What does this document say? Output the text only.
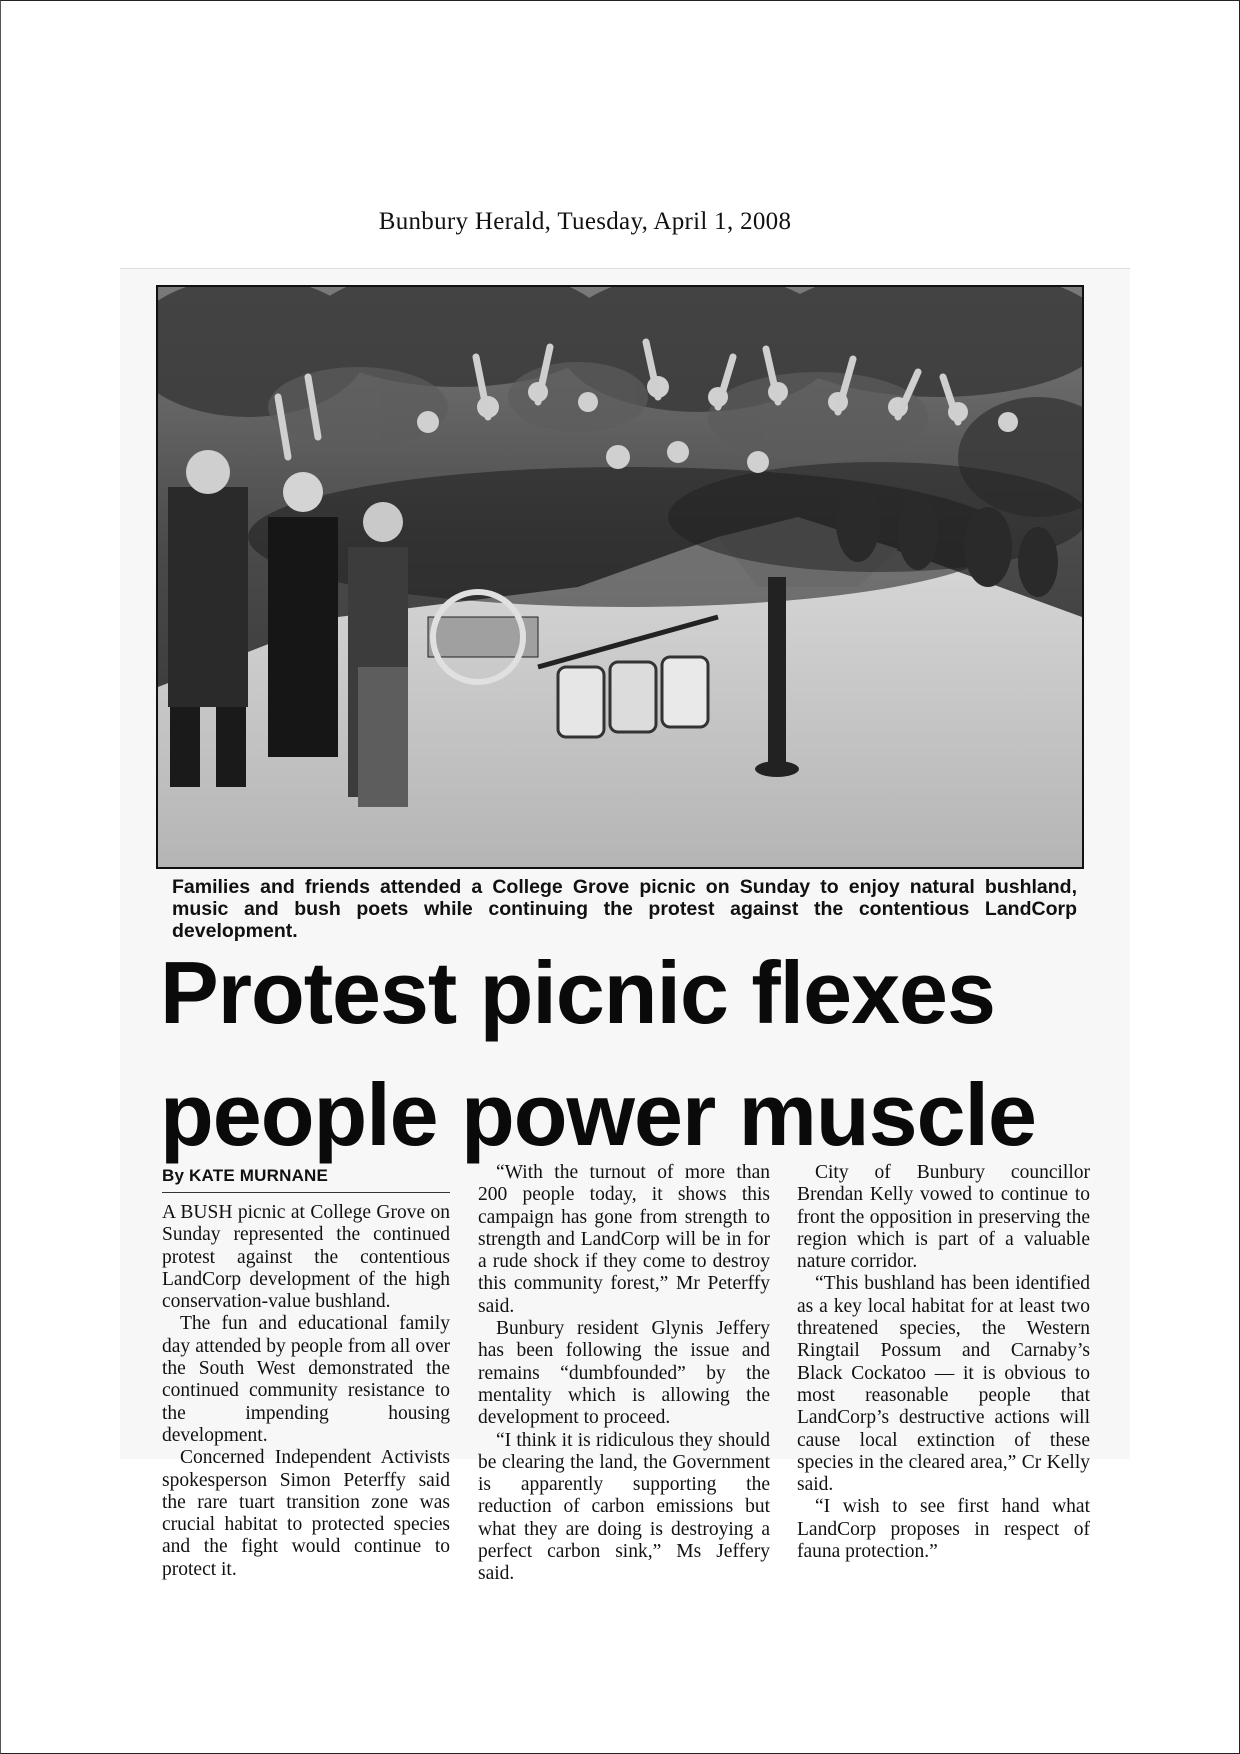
Bunbury Herald, Tuesday, April 1, 2008
Families and friends attended a College Grove picnic on Sunday to enjoy natural bushland, music and bush poets while continuing the protest against the contentious LandCorp development.
Protest picnic flexes
people power muscle
By KATE MURNANE

A BUSH picnic at College Grove on Sunday represented the continued protest against the contentious LandCorp development of the high conservation-value bushland.

The fun and educational family day attended by people from all over the South West demonstrated the continued community resistance to the impending housing development.

Concerned Independent Activists spokesperson Simon Peterffy said the rare tuart transition zone was crucial habitat to protected species and the fight would continue to protect it.

“With the turnout of more than 200 people today, it shows this campaign has gone from strength to strength and LandCorp will be in for a rude shock if they come to destroy this community forest,” Mr Peterffy said.

Bunbury resident Glynis Jeffery has been following the issue and remains “dumbfounded” by the mentality which is allowing the development to proceed.

“I think it is ridiculous they should be clearing the land, the Government is apparently supporting the reduction of carbon emissions but what they are doing is destroying a perfect carbon sink,” Ms Jeffery said.

City of Bunbury councillor Brendan Kelly vowed to continue to front the opposition in preserving the region which is part of a valuable nature corridor.

“This bushland has been identified as a key local habitat for at least two threatened species, the Western Ringtail Possum and Carnaby’s Black Cockatoo — it is obvious to most reasonable people that LandCorp’s destructive actions will cause local extinction of these species in the cleared area,” Cr Kelly said.

“I wish to see first hand what LandCorp proposes in respect of fauna protection.”
